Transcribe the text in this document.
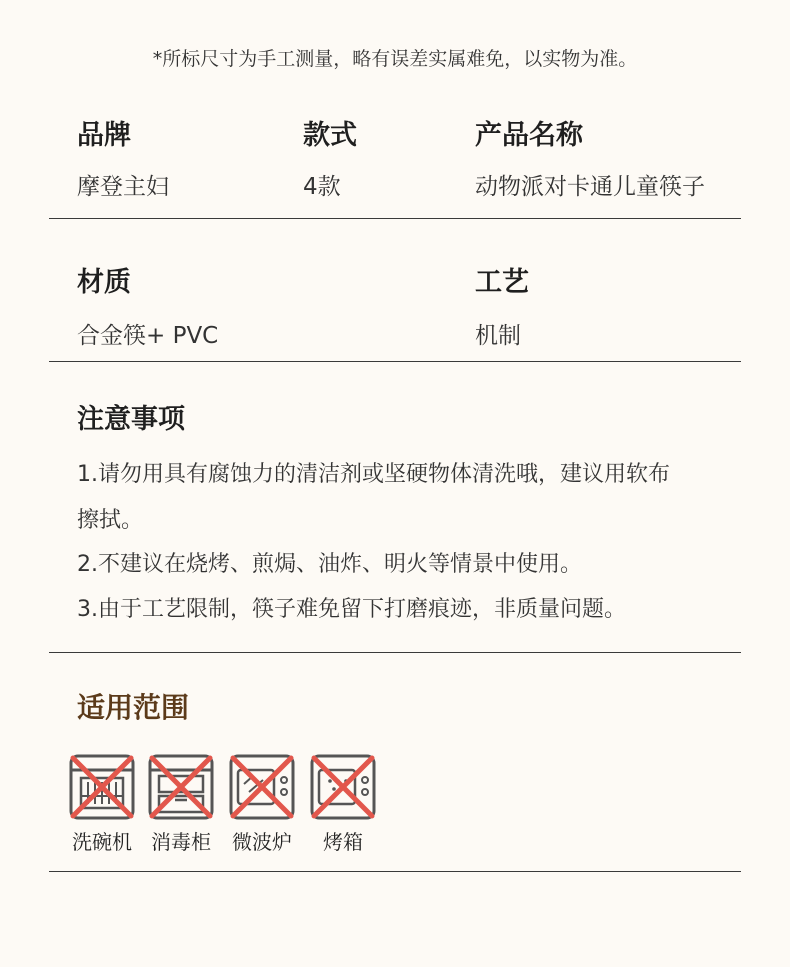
*所标尺寸为手工测量，略有误差实属难免，以实物为准。
品牌
摩登主妇
款式
4款
产品名称
动物派对卡通儿童筷子
材质
合金筷+ PVC
工艺
机制
注意事项
1.请勿用具有腐蚀力的清洁剂或坚硬物体清洗哦，建议用软布
擦拭。
2.不建议在烧烤、煎焗、油炸、明火等情景中使用。
3.由于工艺限制，筷子难免留下打磨痕迹，非质量问题。
适用范围
洗碗机 消毒柜	微波炉	烤箱
